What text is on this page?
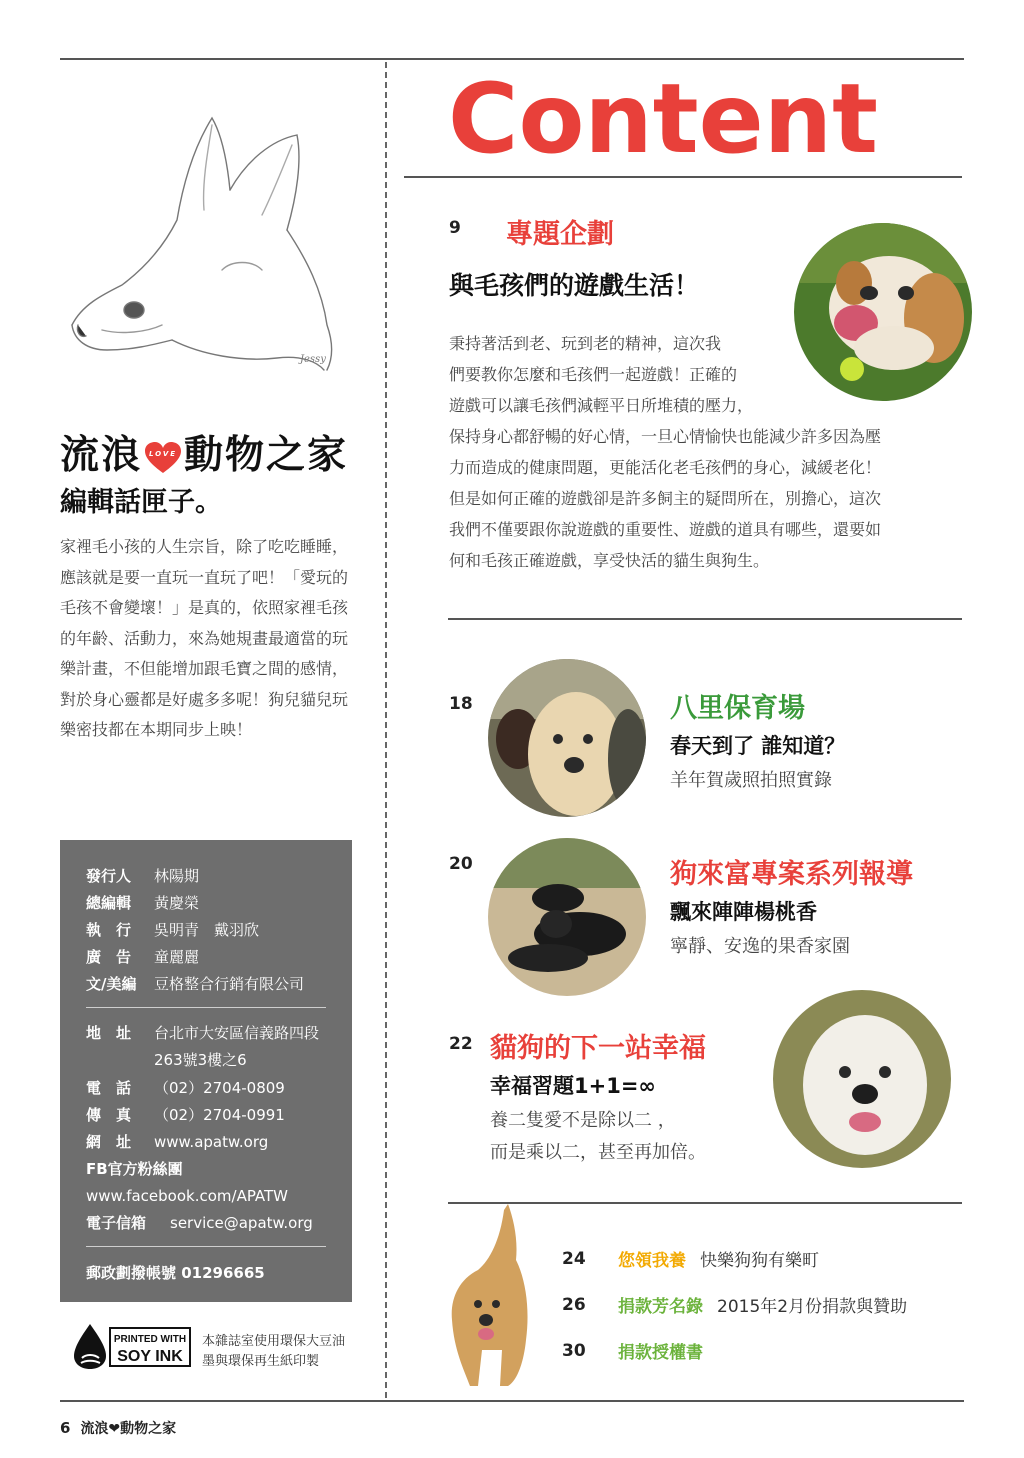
Jessy
流浪 LOVE 動物之家
編輯話匣子。
家裡毛小孩的人生宗旨，除了吃吃睡睡，應該就是要一直玩一直玩了吧！「愛玩的毛孩不會變壞！」是真的，依照家裡毛孩的年齡、活動力，來為她規畫最適當的玩樂計畫，不但能增加跟毛寶之間的感情，對於身心靈都是好處多多呢！狗兒貓兒玩樂密技都在本期同步上映！
發行人	林陽期
總編輯	黃慶榮
執　行	吳明青　戴羽欣
廣　告	童麗麗
文/美編	豆格整合行銷有限公司
地　址	台北市大安區信義路四段263號3樓之6
電　話	（02）2704-0809
傳　真	（02）2704-0991
網　址	www.apatw.org
FB官方粉絲團
www.facebook.com/APATW
電子信箱	service@apatw.org
郵政劃撥帳號 01296665
PRINTED WITH
SOY INK
本雜誌室使用環保大豆油墨與環保再生紙印製
6 流浪❤動物之家
Content
9 專題企劃
與毛孩們的遊戲生活！
秉持著活到老、玩到老的精神，這次我
們要教你怎麼和毛孩們一起遊戲！正確的
遊戲可以讓毛孩們減輕平日所堆積的壓力，
保持身心都舒暢的好心情，一旦心情愉快也能減少許多因為壓
力而造成的健康問題，更能活化老毛孩們的身心，減緩老化！
但是如何正確的遊戲卻是許多飼主的疑問所在，別擔心，這次
我們不僅要跟你說遊戲的重要性、遊戲的道具有哪些，還要如
何和毛孩正確遊戲，享受快活的貓生與狗生。
18	八里保育場
春天到了 誰知道？
羊年賀歲照拍照實錄
20	狗來富專案系列報導
飄來陣陣楊桃香
寧靜、安逸的果香家園
22 貓狗的下一站幸福
幸福習題1+1=∞
養二隻愛不是除以二 ，
而是乘以二，甚至再加倍。
24	您領我養 快樂狗狗有樂町
26	捐款芳名錄 2015年2月份捐款與贊助
30	捐款授權書
